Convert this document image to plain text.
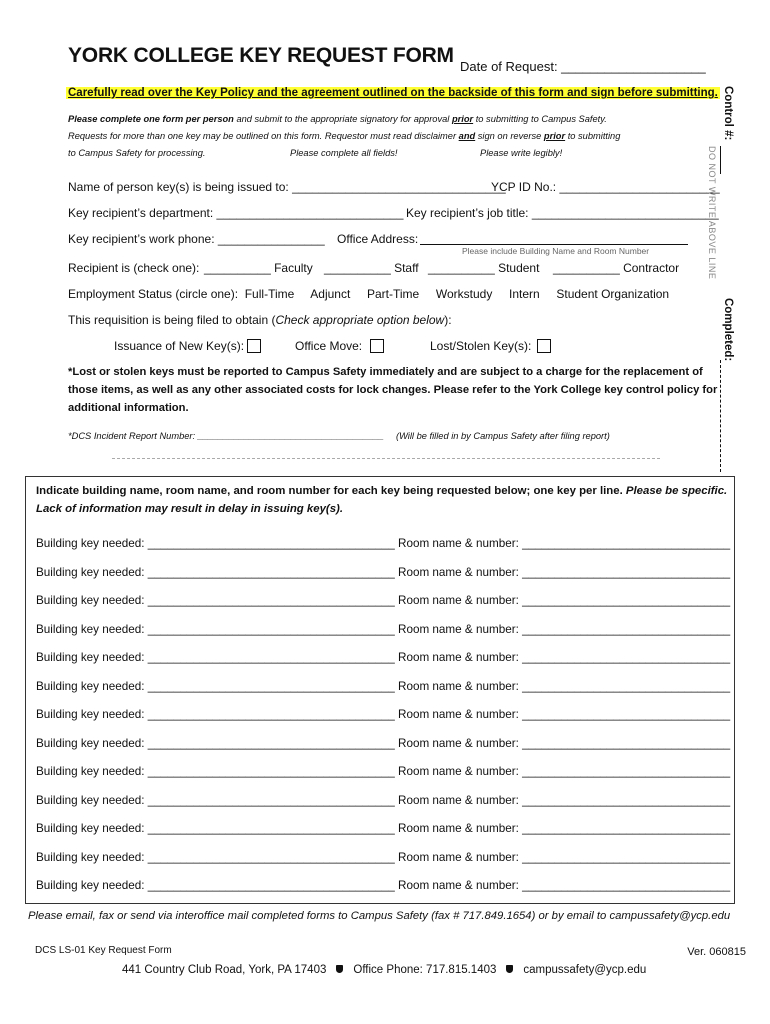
YORK COLLEGE KEY REQUEST FORM Date of Request: ____________________
Carefully read over the Key Policy and the agreement outlined on the backside of this form and sign before submitting.
Please complete one form per person and submit to the appropriate signatory for approval prior to submitting to Campus Safety.
Requests for more than one key may be outlined on this form. Requestor must read disclaimer and sign on reverse prior to submitting
to Campus Safety for processing.	Please complete all fields!	Please write legibly!
Name of person key(s) is being issued to: ________________________________
YCP ID No.: ________________________
Key recipient’s department: ____________________________ Key recipient’s job title: ____________________________
Key recipient’s work phone: ________________ Office Address:
Please include Building Name and Room Number
Recipient is (check one): __________ Faculty __________ Staff __________ Student __________ Contractor
Employment Status (circle one):  Full-Time     Adjunct     Part-Time     Workstudy     Intern     Student Organization
This requisition is being filed to obtain (Check appropriate option below):
Issuance of New Key(s):	Office Move:	Lost/Stolen Key(s):
*Lost or stolen keys must be reported to Campus Safety immediately and are subject to a charge for the replacement of
those items, as well as any other associated costs for lock changes. Please refer to the York College key control policy for
additional information.
*DCS Incident Report Number: ____________________________________ (Will be filled in by Campus Safety after filing report)
Indicate building name, room name, and room number for each key being requested below; one key per line. Please be specific.
Lack of information may result in delay in issuing key(s).
Building key needed: ______________________________________ Room name & number: ________________________________
Building key needed: ______________________________________ Room name & number: ________________________________
Building key needed: ______________________________________ Room name & number: ________________________________
Building key needed: ______________________________________ Room name & number: ________________________________
Building key needed: ______________________________________ Room name & number: ________________________________
Building key needed: ______________________________________ Room name & number: ________________________________
Building key needed: ______________________________________ Room name & number: ________________________________
Building key needed: ______________________________________ Room name & number: ________________________________
Building key needed: ______________________________________ Room name & number: ________________________________
Building key needed: ______________________________________ Room name & number: ________________________________
Building key needed: ______________________________________ Room name & number: ________________________________
Building key needed: ______________________________________ Room name & number: ________________________________
Building key needed: ______________________________________ Room name & number: ________________________________
Control #:
DO NOT WRITE ABOVE LINE
Completed:
Please email, fax or send via interoffice mail completed forms to Campus Safety (fax # 717.849.1654) or by email to campussafety@ycp.edu
DCS LS-01 Key Request Form	Ver. 060815
441 Country Club Road, York, PA 17403 Office Phone: 717.815.1403 campussafety@ycp.edu
